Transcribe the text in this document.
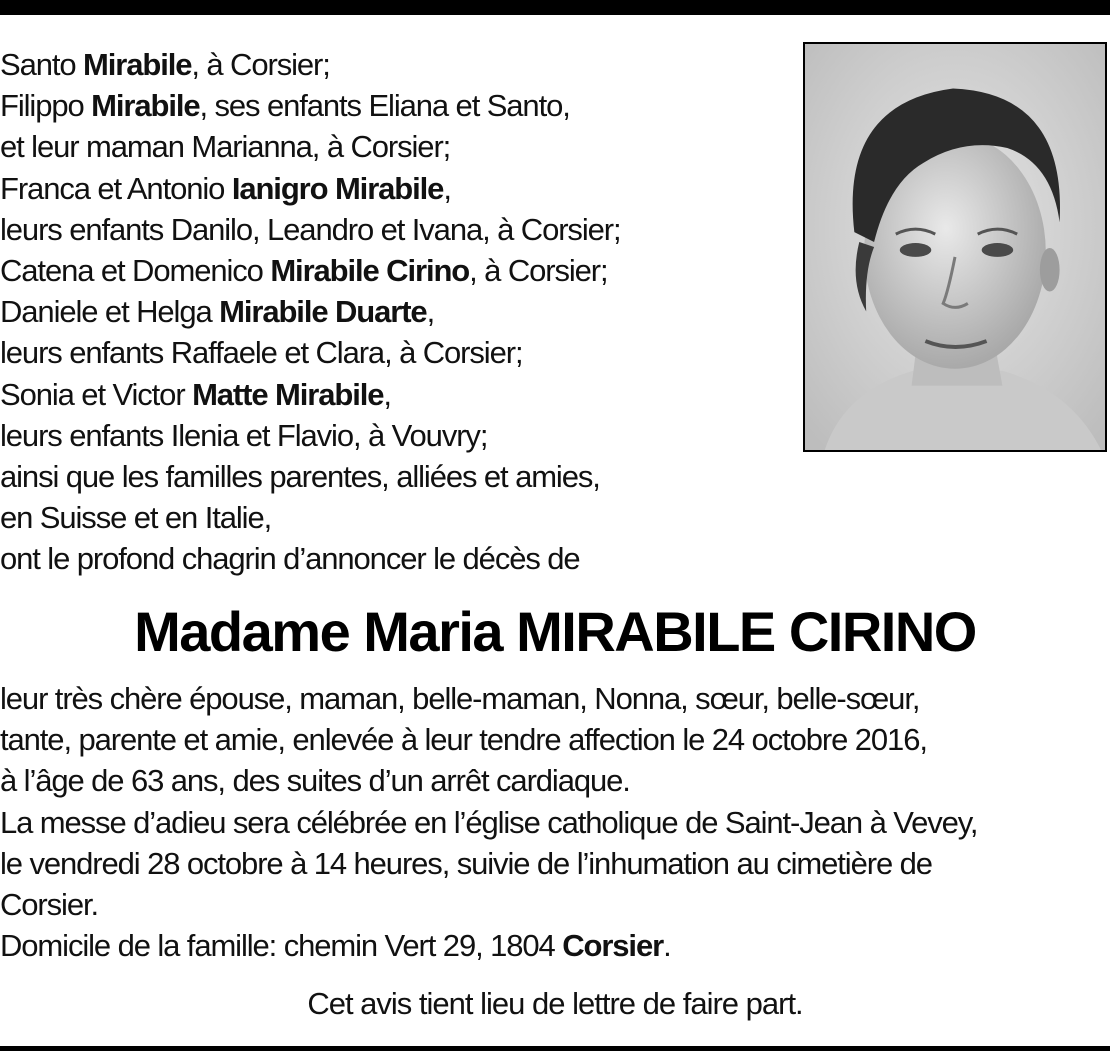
Santo Mirabile, à Corsier;
Filippo Mirabile, ses enfants Eliana et Santo,
et leur maman Marianna, à Corsier;
Franca et Antonio Ianigro Mirabile,
leurs enfants Danilo, Leandro et Ivana, à Corsier;
Catena et Domenico Mirabile Cirino, à Corsier;
Daniele et Helga Mirabile Duarte,
leurs enfants Raffaele et Clara, à Corsier;
Sonia et Victor Matte Mirabile,
leurs enfants Ilenia et Flavio, à Vouvry;
ainsi que les familles parentes, alliées et amies,
en Suisse et en Italie,
ont le profond chagrin d’annoncer le décès de
Madame Maria MIRABILE CIRINO
leur très chère épouse, maman, belle-maman, Nonna, sœur, belle-sœur,
tante, parente et amie, enlevée à leur tendre affection le 24 octobre 2016,
à l’âge de 63 ans, des suites d’un arrêt cardiaque.
La messe d’adieu sera célébrée en l’église catholique de Saint-Jean à Vevey,
le vendredi 28 octobre à 14 heures, suivie de l’inhumation au cimetière de
Corsier.
Domicile de la famille: chemin Vert 29, 1804 Corsier.
Cet avis tient lieu de lettre de faire part.
